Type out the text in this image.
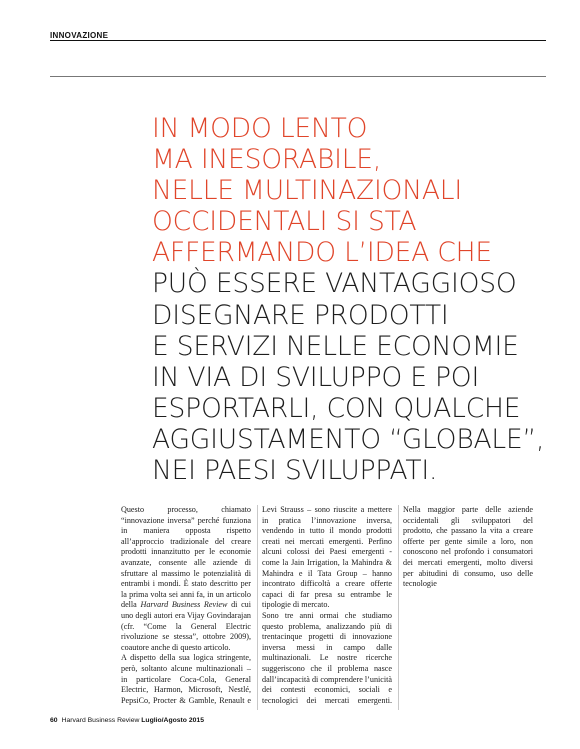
INNOVAZIONE
IN MODO LENTO
MA INESORABILE,
NELLE MULTINAZIONALI
OCCIDENTALI SI STA
AFFERMANDO L’IDEA CHE
PUÒ ESSERE VANTAGGIOSO
DISEGNARE PRODOTTI
E SERVIZI NELLE ECONOMIE
IN VIA DI SVILUPPO E POI
ESPORTARLI, CON QUALCHE
AGGIUSTAMENTO “GLOBALE”,
NEI PAESI SVILUPPATI.

Questo processo, chiamato “innovazione inversa” perché funziona in maniera opposta rispetto all’approccio tradizionale del creare prodotti innanzitutto per le economie avanzate, consente alle aziende di sfruttare al massimo le potenzialità di entrambi i mondi. È stato descritto per la prima volta sei anni fa, in un articolo della Harvard Business Review di cui uno degli autori era Vijay Govindarajan (cfr. “Come la General Electric rivoluzione se stessa”, ottobre 2009), coautore anche di questo articolo.

A dispetto della sua logica stringente, però, soltanto alcune multinazionali – in particolare Coca-Cola, General Electric, Harmon, Microsoft, Nestlé, PepsiCo, Procter & Gamble, Renault e Levi Strauss – sono riuscite a mettere in pratica l’innovazione inversa, vendendo in tutto il mondo prodotti creati nei mercati emergenti. Perfino alcuni colossi dei Paesi emergenti - come la Jain Irrigation, la Mahindra & Mahindra e il Tata Group – hanno incontrato difficoltà a creare offerte capaci di far presa su entrambe le tipologie di mercato.

Sono tre anni ormai che studiamo questo problema, analizzando più di trentacinque progetti di innovazione inversa messi in campo dalle multinazionali. Le nostre ricerche suggeriscono che il problema nasce dall’incapacità di comprendere l’unicità dei contesti economici, sociali e tecnologici dei mercati emergenti. Nella maggior parte delle aziende occidentali gli sviluppatori del prodotto, che passano la vita a creare offerte per gente simile a loro, non conoscono nel profondo i consumatori dei mercati emergenti, molto diversi per abitudini di consumo, uso delle tecnologie

60 Harvard Business Review Luglio/Agosto 2015
